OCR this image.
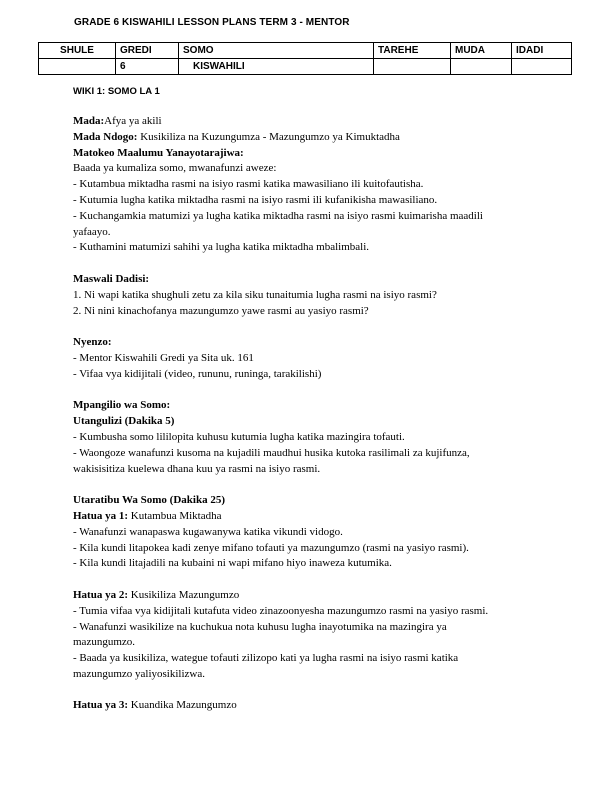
GRADE 6 KISWAHILI LESSON PLANS TERM 3 - MENTOR
SHULE	GREDI	SOMO	TAREHE	MUDA	IDADI
	6	KISWAHILI			
WIKI 1: SOMO LA 1

Mada:Afya ya akili

Mada Ndogo: Kusikiliza na Kuzungumza - Mazungumzo ya Kimuktadha

Matokeo Maalumu Yanayotarajiwa:

Baada ya kumaliza somo, mwanafunzi aweze:

- Kutambua miktadha rasmi na isiyo rasmi katika mawasiliano ili kuitofautisha.

- Kutumia lugha katika miktadha rasmi na isiyo rasmi ili kufanikisha mawasiliano.

- Kuchangamkia matumizi ya lugha katika miktadha rasmi na isiyo rasmi kuimarisha maadili

yafaayo.

- Kuthamini matumizi sahihi ya lugha katika miktadha mbalimbali.

Maswali Dadisi:

1. Ni wapi katika shughuli zetu za kila siku tunaitumia lugha rasmi na isiyo rasmi?

2. Ni nini kinachofanya mazungumzo yawe rasmi au yasiyo rasmi?

Nyenzo:

- Mentor Kiswahili Gredi ya Sita uk. 161

- Vifaa vya kidijitali (video, rununu, runinga, tarakilishi)

Mpangilio wa Somo:

Utangulizi (Dakika 5)

- Kumbusha somo lililopita kuhusu kutumia lugha katika mazingira tofauti.

- Waongoze wanafunzi kusoma na kujadili maudhui husika kutoka rasilimali za kujifunza,

wakisisitiza kuelewa dhana kuu ya rasmi na isiyo rasmi.

Utaratibu Wa Somo (Dakika 25)

Hatua ya 1: Kutambua Miktadha

- Wanafunzi wanapaswa kugawanywa katika vikundi vidogo.

- Kila kundi litapokea kadi zenye mifano tofauti ya mazungumzo (rasmi na yasiyo rasmi).

- Kila kundi litajadili na kubaini ni wapi mifano hiyo inaweza kutumika.

Hatua ya 2: Kusikiliza Mazungumzo

- Tumia vifaa vya kidijitali kutafuta video zinazoonyesha mazungumzo rasmi na yasiyo rasmi.

- Wanafunzi wasikilize na kuchukua nota kuhusu lugha inayotumika na mazingira ya

mazungumzo.

- Baada ya kusikiliza, wategue tofauti zilizopo kati ya lugha rasmi na isiyo rasmi katika

mazungumzo yaliyosikilizwa.

Hatua ya 3: Kuandika Mazungumzo
